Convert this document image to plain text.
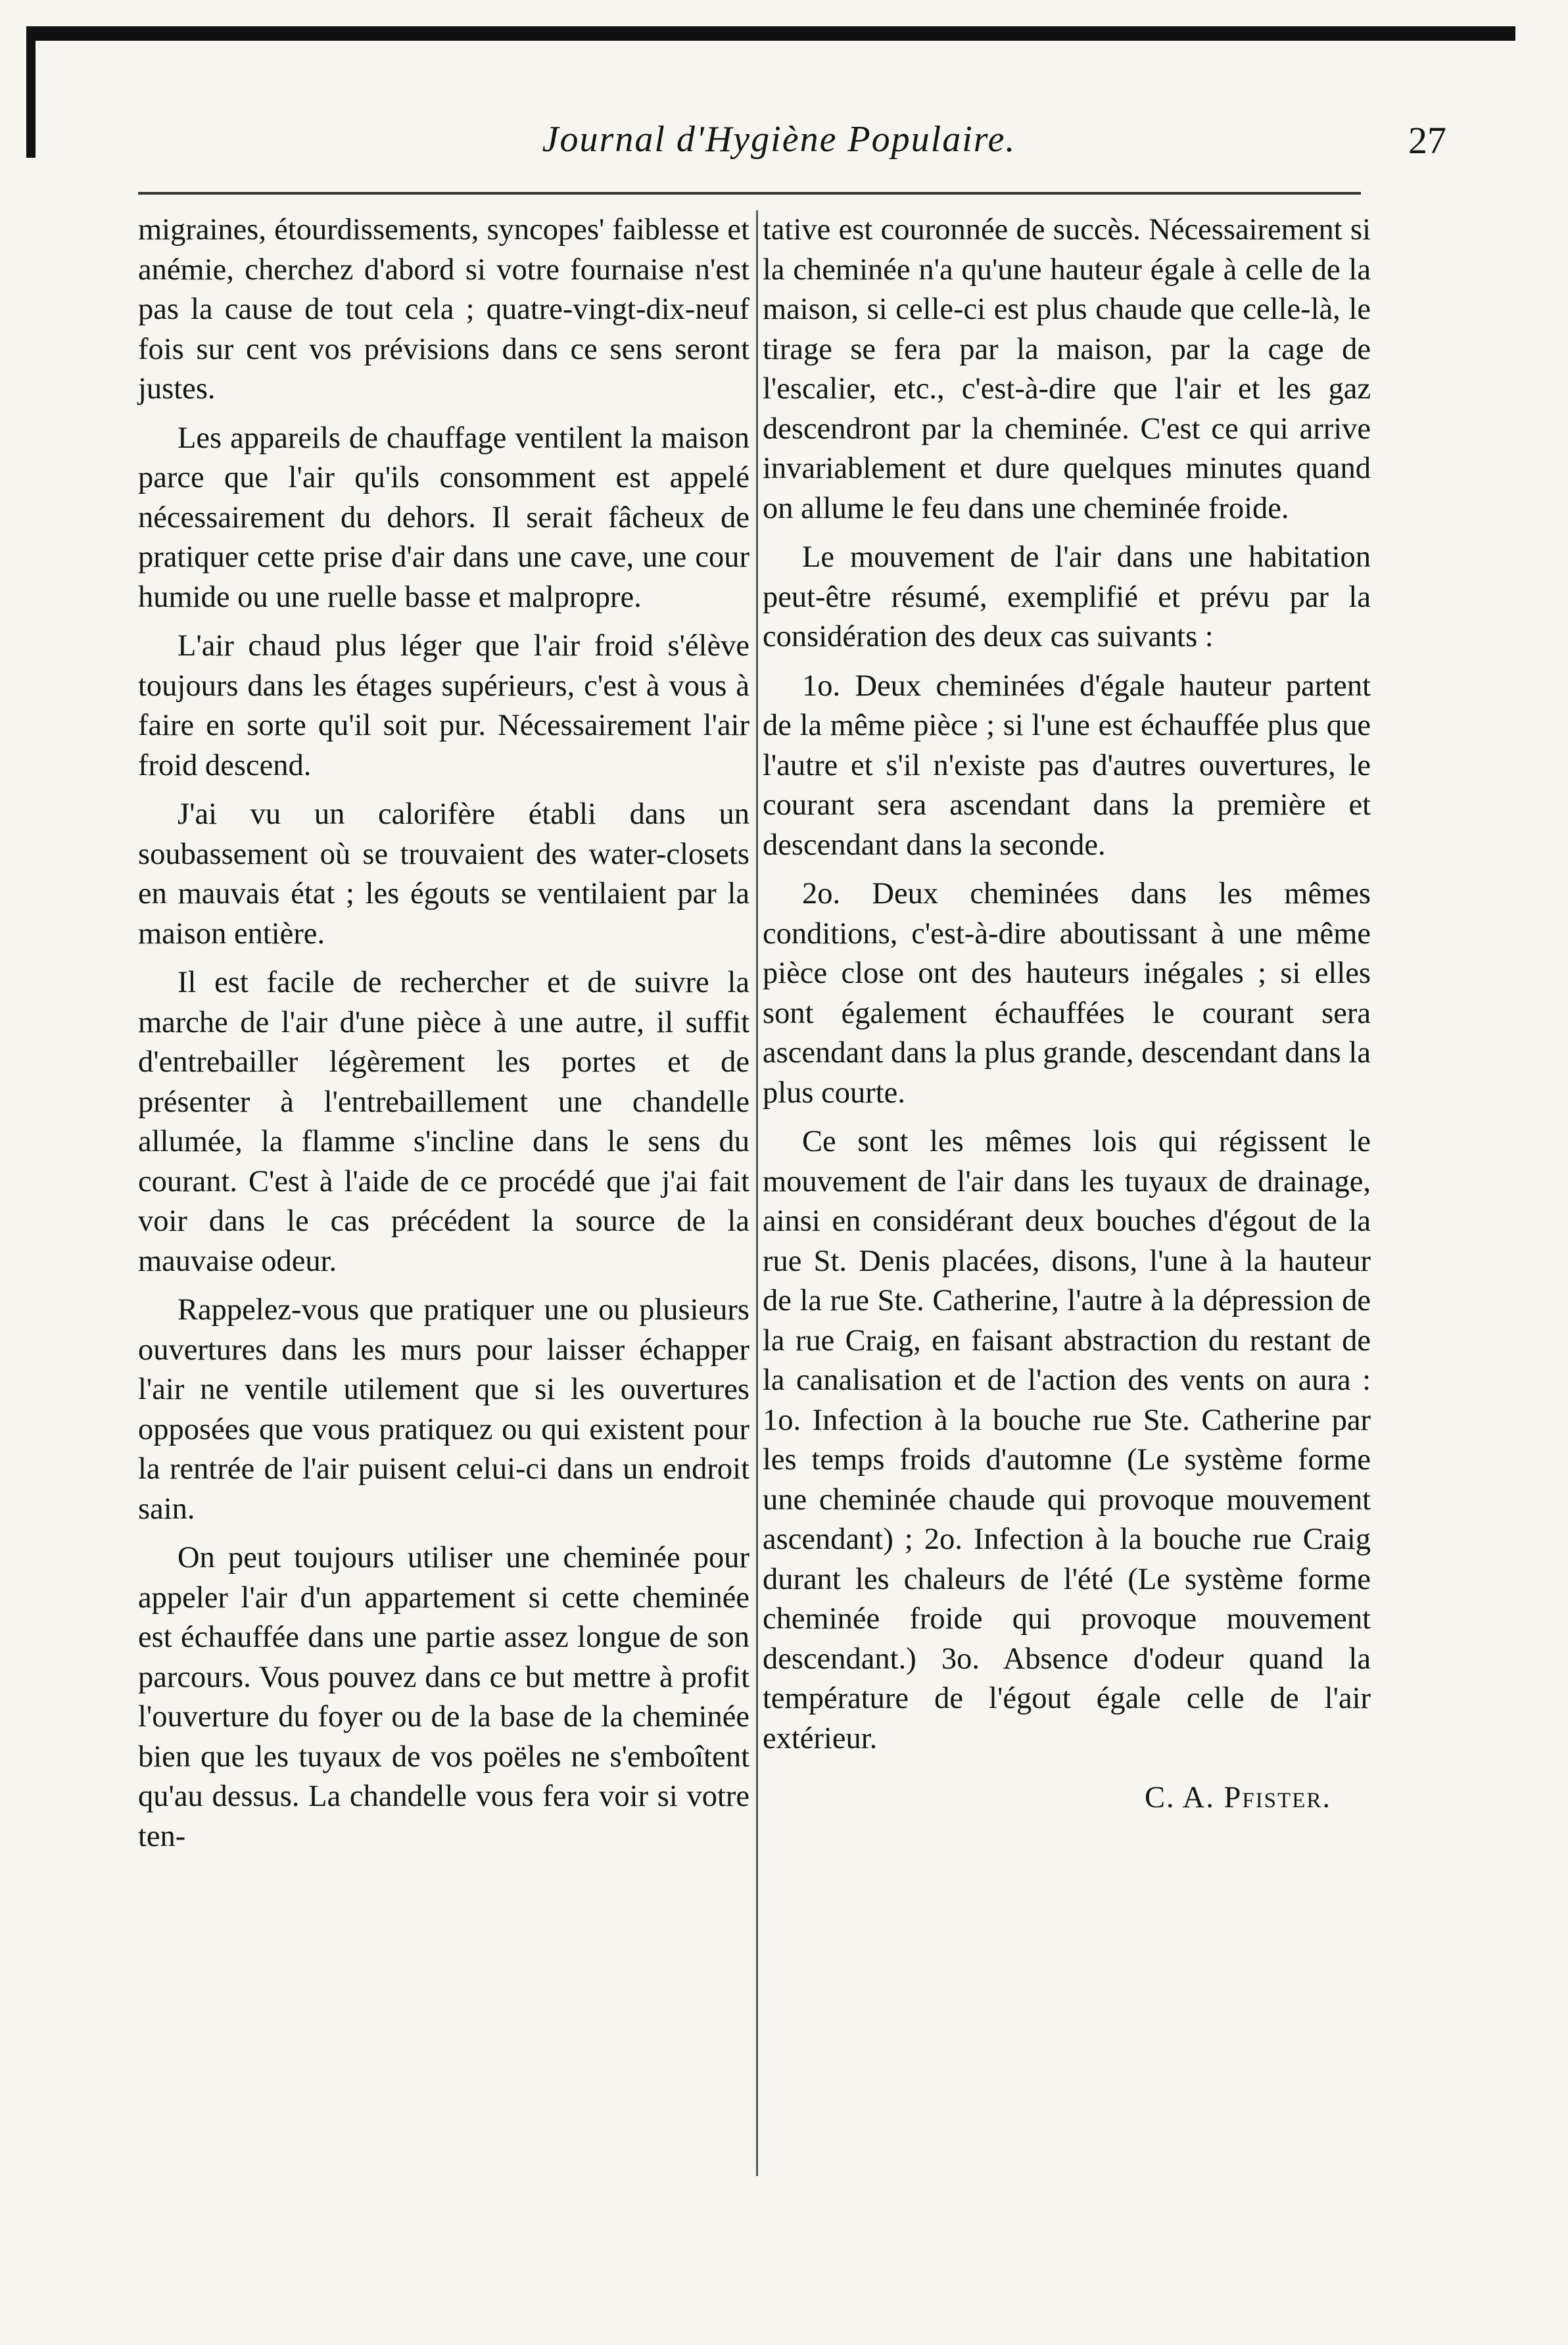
Journal d'Hygiène Populaire.	27

migraines, étourdissements, syncopes' faiblesse et anémie, cherchez d'abord si votre fournaise n'est pas la cause de tout cela ; quatre-vingt-dix-neuf fois sur cent vos prévisions dans ce sens seront justes.

Les appareils de chauffage ventilent la maison parce que l'air qu'ils consomment est appelé nécessairement du dehors. Il serait fâcheux de pratiquer cette prise d'air dans une cave, une cour humide ou une ruelle basse et malpropre.

L'air chaud plus léger que l'air froid s'élève toujours dans les étages supérieurs, c'est à vous à faire en sorte qu'il soit pur. Nécessairement l'air froid descend.

J'ai vu un calorifère établi dans un soubassement où se trouvaient des water-closets en mauvais état ; les égouts se ventilaient par la maison entière.

Il est facile de rechercher et de suivre la marche de l'air d'une pièce à une autre, il suffit d'entrebailler légèrement les portes et de présenter à l'entrebaillement une chandelle allumée, la flamme s'incline dans le sens du courant. C'est à l'aide de ce procédé que j'ai fait voir dans le cas précédent la source de la mauvaise odeur.

Rappelez-vous que pratiquer une ou plusieurs ouvertures dans les murs pour laisser échapper l'air ne ventile utilement que si les ouvertures opposées que vous pratiquez ou qui existent pour la rentrée de l'air puisent celui-ci dans un endroit sain.

On peut toujours utiliser une cheminée pour appeler l'air d'un appartement si cette cheminée est échauffée dans une partie assez longue de son parcours. Vous pouvez dans ce but mettre à profit l'ouverture du foyer ou de la base de la cheminée bien que les tuyaux de vos poëles ne s'emboîtent qu'au dessus. La chandelle vous fera voir si votre ten-

tative est couronnée de succès. Nécessairement si la cheminée n'a qu'une hauteur égale à celle de la maison, si celle-ci est plus chaude que celle-là, le tirage se fera par la maison, par la cage de l'escalier, etc., c'est-à-dire que l'air et les gaz descendront par la cheminée. C'est ce qui arrive invariablement et dure quelques minutes quand on allume le feu dans une cheminée froide.

Le mouvement de l'air dans une habitation peut-être résumé, exemplifié et prévu par la considération des deux cas suivants :

1o. Deux cheminées d'égale hauteur partent de la même pièce ; si l'une est échauffée plus que l'autre et s'il n'existe pas d'autres ouvertures, le courant sera ascendant dans la première et descendant dans la seconde.

2o. Deux cheminées dans les mêmes conditions, c'est-à-dire aboutissant à une même pièce close ont des hauteurs inégales ; si elles sont également échauffées le courant sera ascendant dans la plus grande, descendant dans la plus courte.

Ce sont les mêmes lois qui régissent le mouvement de l'air dans les tuyaux de drainage, ainsi en considérant deux bouches d'égout de la rue St. Denis placées, disons, l'une à la hauteur de la rue Ste. Catherine, l'autre à la dépression de la rue Craig, en faisant abstraction du restant de la canalisation et de l'action des vents on aura : 1o. Infection à la bouche rue Ste. Catherine par les temps froids d'automne (Le système forme une cheminée chaude qui provoque mouvement ascendant) ; 2o. Infection à la bouche rue Craig durant les chaleurs de l'été (Le système forme cheminée froide qui provoque mouvement descendant.) 3o. Absence d'odeur quand la température de l'égout égale celle de l'air extérieur.

C. A. Pfister.
